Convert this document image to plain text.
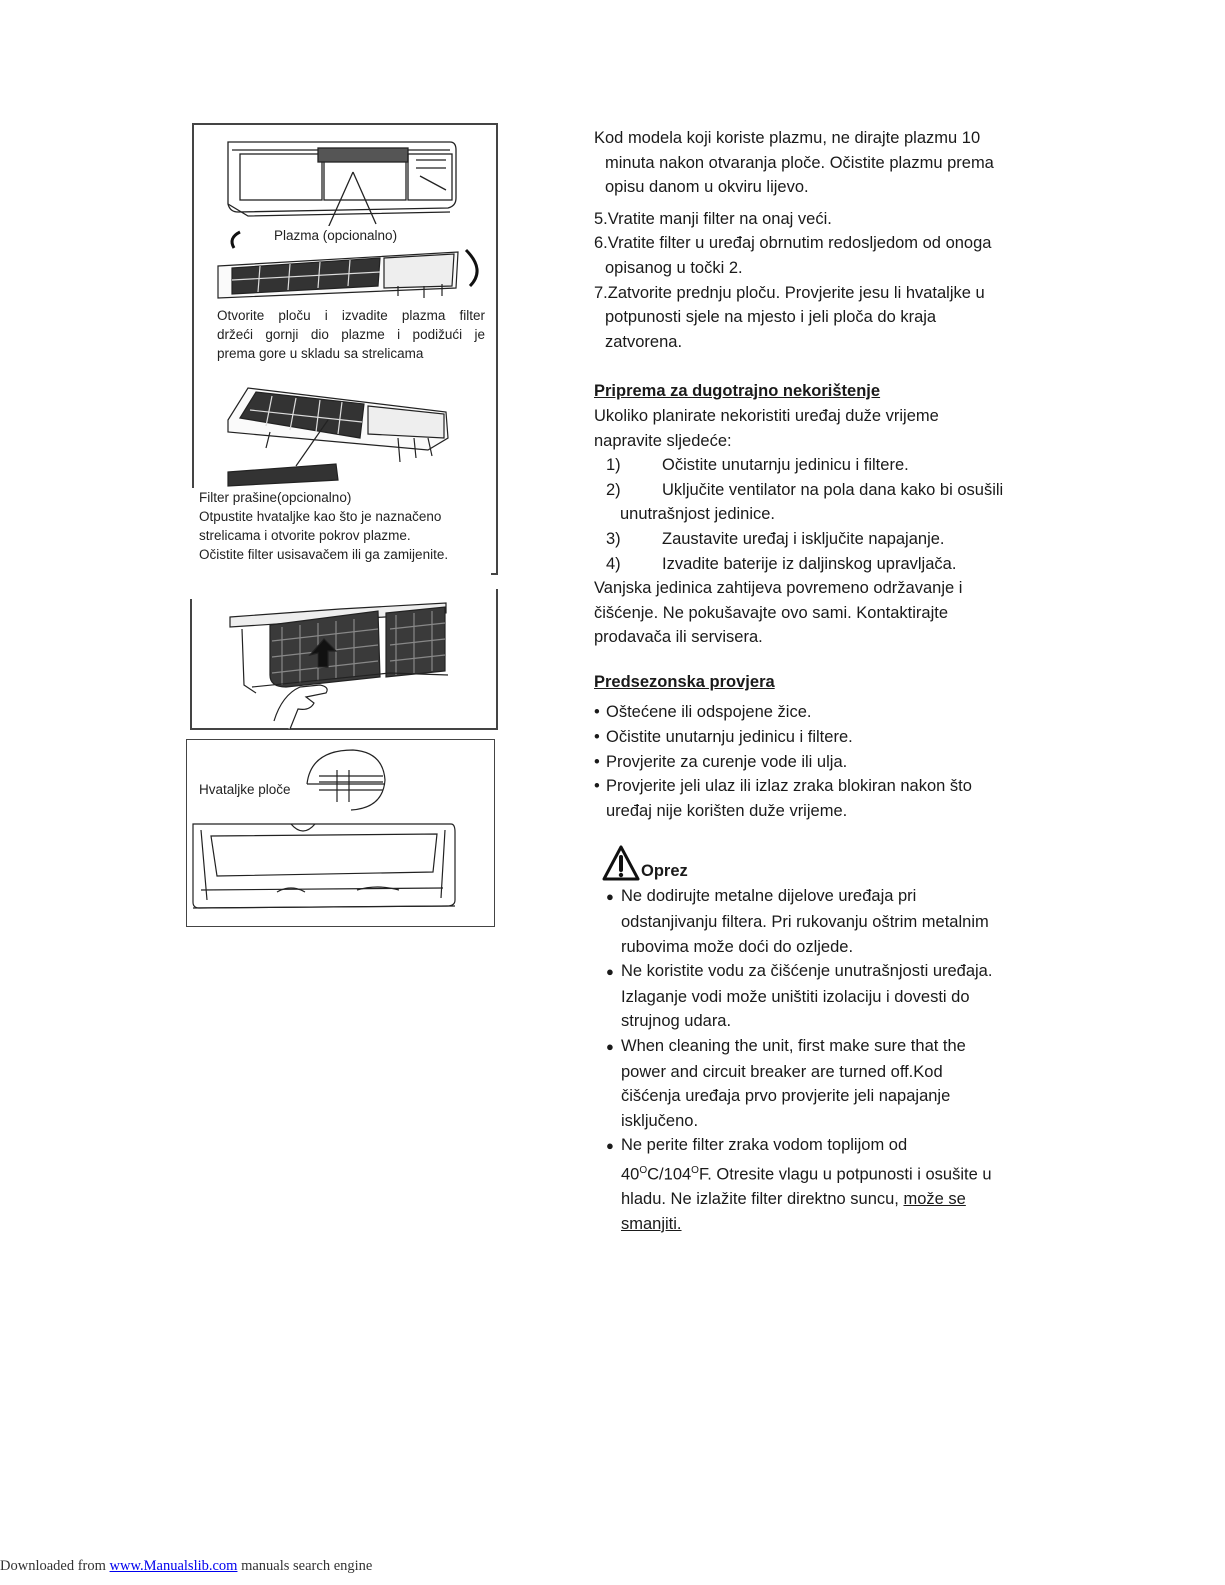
Plazma (opcionalno)
Otvorite ploču i izvadite plazma filter
držeći gornji dio plazme i podižući je
prema gore u skladu sa strelicama
Filter prašine(opcionalno)
Otpustite hvataljke kao što je naznačeno
strelicama i otvorite pokrov plazme.
Očistite filter usisavačem ili ga zamijenite.
Hvataljke ploče

Kod modela koji koriste plazmu, ne dirajte plazmu 10

minuta nakon otvaranja ploče. Očistite plazmu prema

opisu danom u okviru lijevo.

5.Vratite manji filter na onaj veći.

6.Vratite filter u uređaj obrnutim redosljedom od onoga

opisanog u točki 2.

7.Zatvorite prednju ploču. Provjerite jesu li hvataljke u

potpunosti sjele na mjesto i jeli ploča do kraja

zatvorena.

Priprema za dugotrajno nekorištenje

Ukoliko planirate nekoristiti uređaj duže vrijeme

napravite sljedeće:

1)	Očistite unutarnju jedinicu i filtere.
2)	Uključite ventilator na pola dana kako bi osušili

unutrašnjost jedinice.

3)	Zaustavite uređaj i isključite napajanje.
4)	Izvadite baterije iz daljinskog upravljača.

Vanjska jedinica zahtijeva povremeno održavanje i

čišćenje. Ne pokušavajte ovo sami. Kontaktirajte

prodavača ili servisera.

Predsezonska provjera

• Oštećene ili odspojene žice.
• Očistite unutarnju jedinicu i filtere.
• Provjerite za curenje vode ili ulja.
• Provjerite jeli ulaz ili izlaz zraka blokiran nakon što

uređaj nije korišten duže vrijeme.

Oprez
● Ne dodirujte metalne dijelove uređaja pri

odstanjivanju filtera. Pri rukovanju oštrim metalnim

rubovima može doći do ozljede.

● Ne koristite vodu za čišćenje unutrašnjosti uređaja.

Izlaganje vodi može uništiti izolaciju i dovesti do

strujnog udara.

● When cleaning the unit, first make sure that the

power and circuit breaker are turned off.Kod

čišćenja uređaja prvo provjerite jeli napajanje

isključeno.

● Ne perite filter zraka vodom toplijom od

$40^OC/104^OF$. Otresite vlagu u potpunosti i osušite u

hladu. Ne izlažite filter direktno suncu, može se

smanjiti.

Downloaded from www.Manualslib.com manuals search engine
